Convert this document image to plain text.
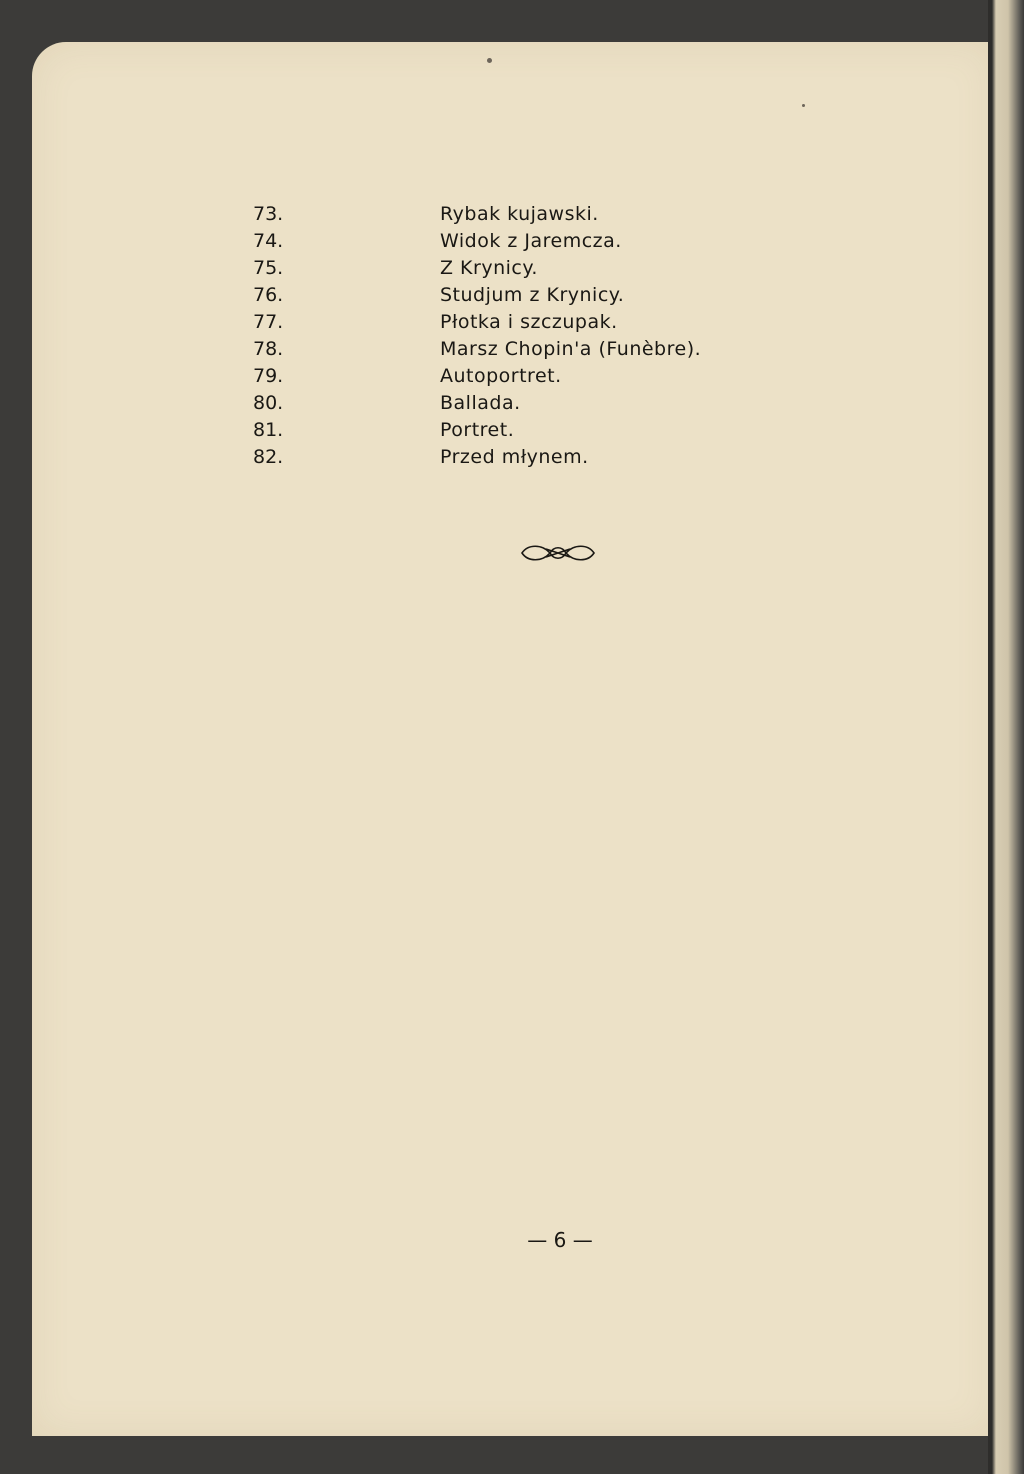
73.	Rybak kujawski.
74.	Widok z Jaremcza.
75.	Z Krynicy.
76.	Studjum z Krynicy.
77.	Płotka i szczupak.
78.	Marsz Chopin'a (Funèbre).
79.	Autoportret.
80.	Ballada.
81.	Portret.
82.	Przed młynem.
— 6 —
